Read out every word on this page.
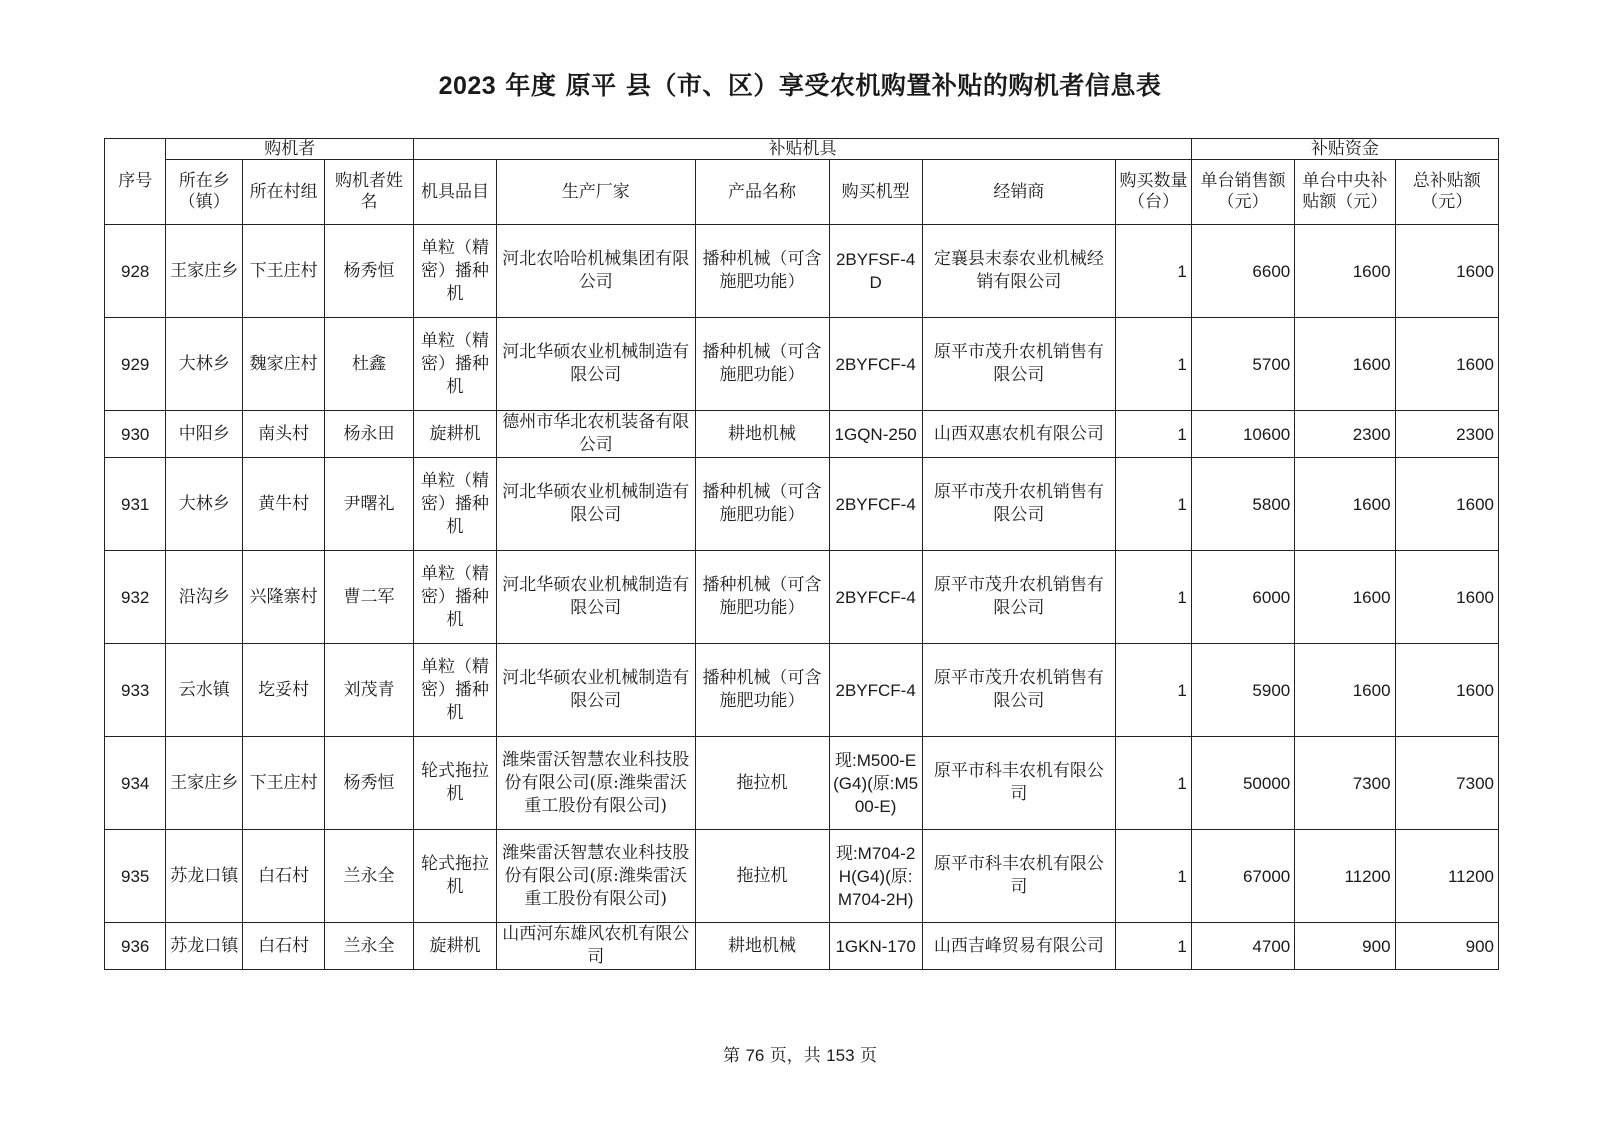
2023 年度 原平 县（市、区）享受农机购置补贴的购机者信息表
序号	购机者			补贴机具						补贴资金		
	所在乡（镇）	所在村组	购机者姓名	机具品目	生产厂家	产品名称	购买机型	经销商	购买数量（台）	单台销售额（元）	单台中央补贴额（元）	总补贴额（元）
928	王家庄乡	下王庄村	杨秀恒	单粒（精密）播种机	河北农哈哈机械集团有限公司	播种机械（可含施肥功能）	2BYFSF-4D	定襄县末泰农业机械经销有限公司	1	6600	1600	1600
929	大林乡	魏家庄村	杜鑫	单粒（精密）播种机	河北华硕农业机械制造有限公司	播种机械（可含施肥功能）	2BYFCF-4	原平市茂升农机销售有限公司	1	5700	1600	1600
930	中阳乡	南头村	杨永田	旋耕机	德州市华北农机装备有限公司	耕地机械	1GQN-250	山西双惠农机有限公司	1	10600	2300	2300
931	大林乡	黄牛村	尹曙礼	单粒（精密）播种机	河北华硕农业机械制造有限公司	播种机械（可含施肥功能）	2BYFCF-4	原平市茂升农机销售有限公司	1	5800	1600	1600
932	沿沟乡	兴隆寨村	曹二军	单粒（精密）播种机	河北华硕农业机械制造有限公司	播种机械（可含施肥功能）	2BYFCF-4	原平市茂升农机销售有限公司	1	6000	1600	1600
933	云水镇	圪妥村	刘茂青	单粒（精密）播种机	河北华硕农业机械制造有限公司	播种机械（可含施肥功能）	2BYFCF-4	原平市茂升农机销售有限公司	1	5900	1600	1600
934	王家庄乡	下王庄村	杨秀恒	轮式拖拉机	潍柴雷沃智慧农业科技股份有限公司(原:潍柴雷沃重工股份有限公司)	拖拉机	现:M500-E(G4)(原:M500-E)	原平市科丰农机有限公司	1	50000	7300	7300
935	苏龙口镇	白石村	兰永全	轮式拖拉机	潍柴雷沃智慧农业科技股份有限公司(原:潍柴雷沃重工股份有限公司)	拖拉机	现:M704-2H(G4)(原:M704-2H)	原平市科丰农机有限公司	1	67000	11200	11200
936	苏龙口镇	白石村	兰永全	旋耕机	山西河东雄风农机有限公司	耕地机械	1GKN-170	山西吉峰贸易有限公司	1	4700	900	900
第 76 页，共 153 页
